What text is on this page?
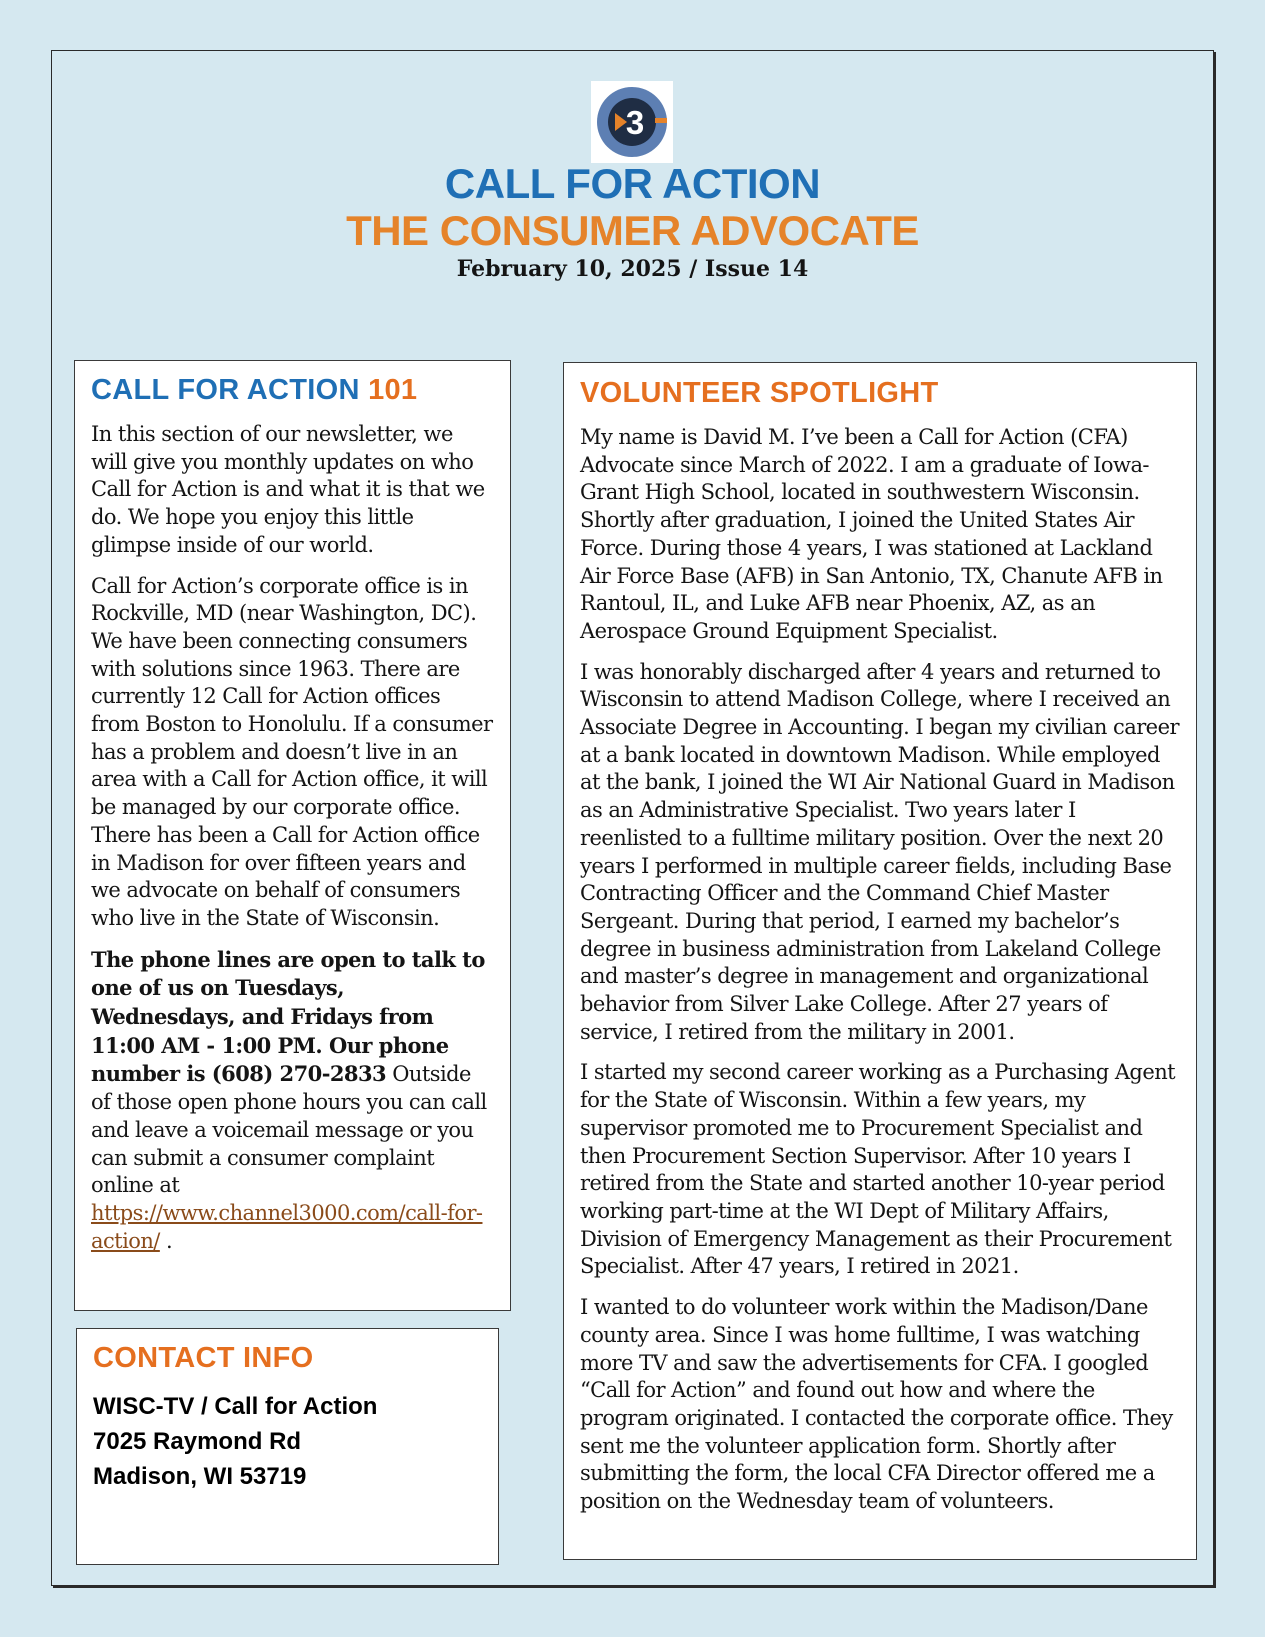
3
CALL FOR ACTION
THE CONSUMER ADVOCATE
February 10, 2025 / Issue 14
CALL FOR ACTION 101

In this section of our newsletter, we will give you monthly updates on who Call for Action is and what it is that we do. We hope you enjoy this little glimpse inside of our world.

Call for Action’s corporate office is in Rockville, MD (near Washington, DC). We have been connecting consumers with solutions since 1963. There are currently 12 Call for Action offices from Boston to Honolulu. If a consumer has a problem and doesn’t live in an area with a Call for Action office, it will be managed by our corporate office. There has been a Call for Action office in Madison for over fifteen years and we advocate on behalf of consumers who live in the State of Wisconsin.

The phone lines are open to talk to one of us on Tuesdays, Wednesdays, and Fridays from 11:00 AM - 1:00 PM. Our phone number is (608) 270-2833 Outside of those open phone hours you can call and leave a voicemail message or you can submit a consumer complaint online at https://www.channel3000.com/call-for-action/ .

CONTACT INFO
WISC-TV / Call for Action
7025 Raymond Rd
Madison, WI 53719
VOLUNTEER SPOTLIGHT

My name is David M. I’ve been a Call for Action (CFA) Advocate since March of 2022. I am a graduate of Iowa-Grant High School, located in southwestern Wisconsin. Shortly after graduation, I joined the United States Air Force. During those 4 years, I was stationed at Lackland Air Force Base (AFB) in San Antonio, TX, Chanute AFB in Rantoul, IL, and Luke AFB near Phoenix, AZ, as an Aerospace Ground Equipment Specialist.

I was honorably discharged after 4 years and returned to Wisconsin to attend Madison College, where I received an Associate Degree in Accounting. I began my civilian career at a bank located in downtown Madison. While employed at the bank, I joined the WI Air National Guard in Madison as an Administrative Specialist. Two years later I reenlisted to a fulltime military position. Over the next 20 years I performed in multiple career fields, including Base Contracting Officer and the Command Chief Master Sergeant. During that period, I earned my bachelor’s degree in business administration from Lakeland College and master’s degree in management and organizational behavior from Silver Lake College. After 27 years of service, I retired from the military in 2001.

I started my second career working as a Purchasing Agent for the State of Wisconsin. Within a few years, my supervisor promoted me to Procurement Specialist and then Procurement Section Supervisor. After 10 years I retired from the State and started another 10-year period working part-time at the WI Dept of Military Affairs, Division of Emergency Management as their Procurement Specialist. After 47 years, I retired in 2021.

I wanted to do volunteer work within the Madison/Dane county area. Since I was home fulltime, I was watching more TV and saw the advertisements for CFA. I googled “Call for Action” and found out how and where the program originated. I contacted the corporate office. They sent me the volunteer application form. Shortly after submitting the form, the local CFA Director offered me a position on the Wednesday team of volunteers.
